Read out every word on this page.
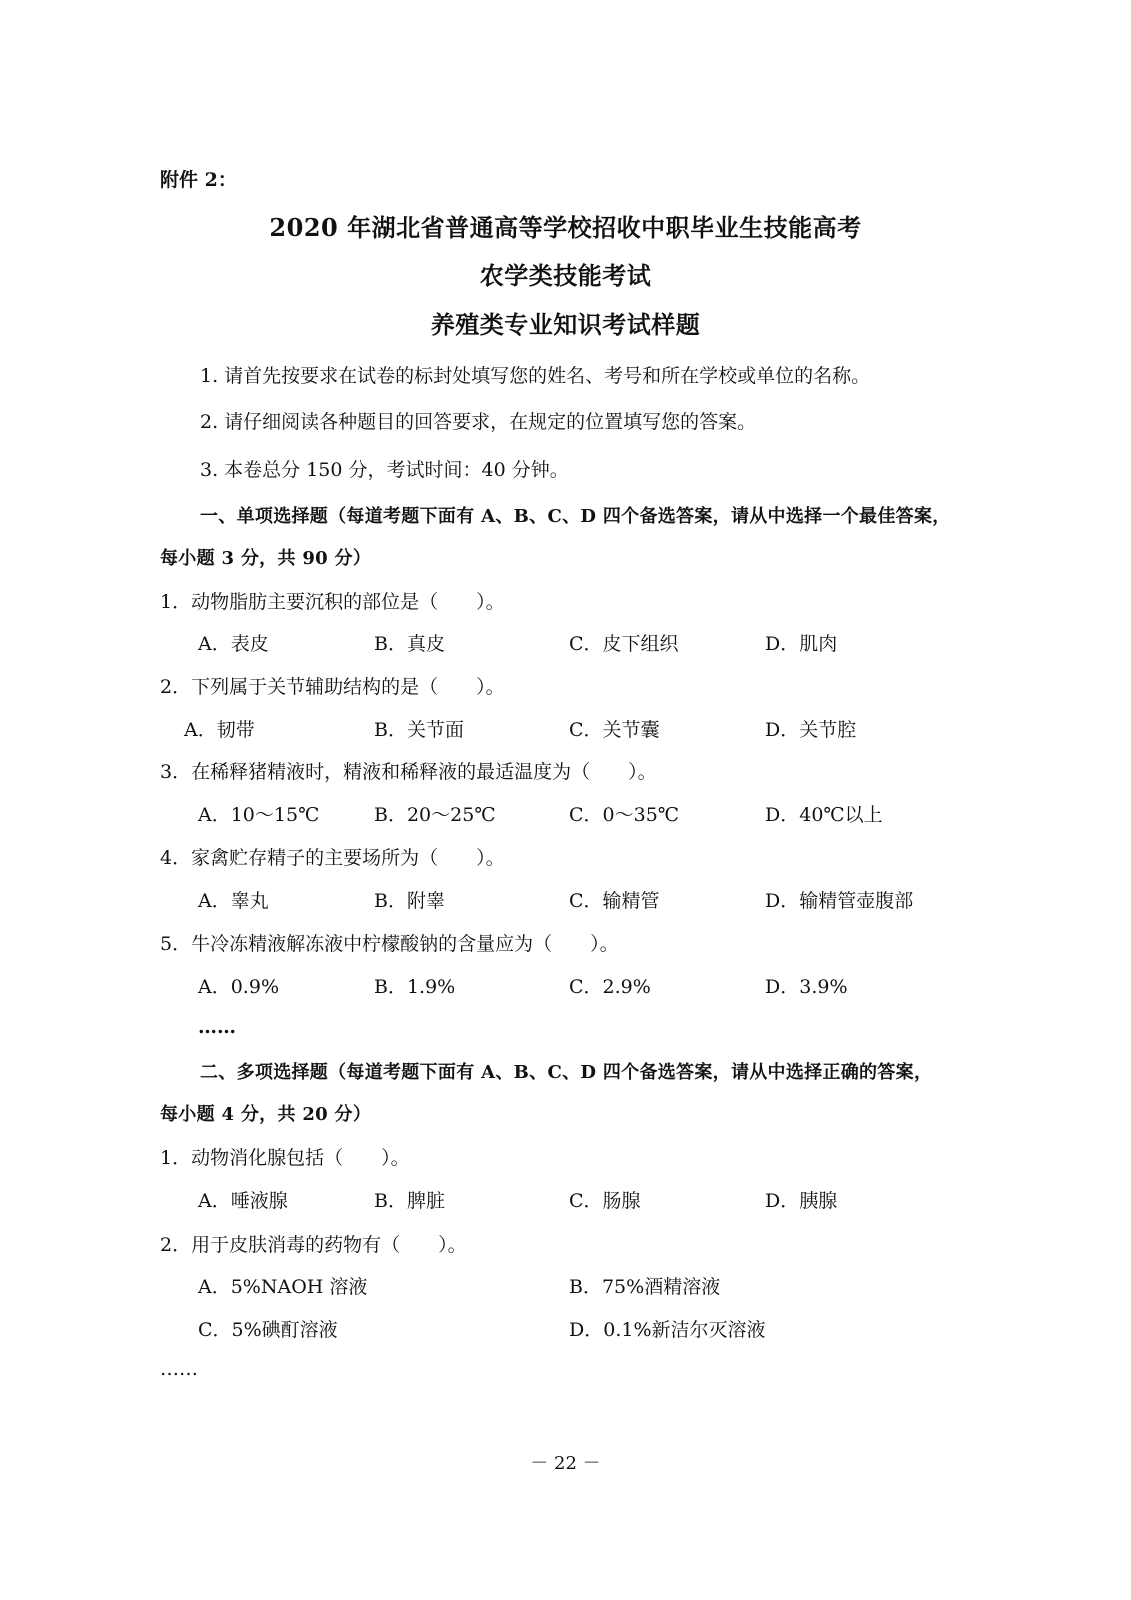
附件 2：
2020 年湖北省普通高等学校招收中职毕业生技能高考
农学类技能考试
养殖类专业知识考试样题
1. 请首先按要求在试卷的标封处填写您的姓名、考号和所在学校或单位的名称。
2. 请仔细阅读各种题目的回答要求，在规定的位置填写您的答案。
3. 本卷总分 150 分，考试时间：40 分钟。
一、单项选择题（每道考题下面有 A、B、C、D 四个备选答案，请从中选择一个最佳答案，
每小题 3 分，共 90 分）
1．动物脂肪主要沉积的部位是（　　）。
A．表皮	B．真皮	C．皮下组织	D．肌肉
2．下列属于关节辅助结构的是（　　）。
A．韧带	B．关节面	C．关节囊	D．关节腔
3．在稀释猪精液时，精液和稀释液的最适温度为（　　）。
A．10～15℃	B．20～25℃	C．0～35℃	D．40℃以上
4．家禽贮存精子的主要场所为（　　）。
A．睾丸	B．附睾	C．输精管	D．输精管壶腹部
5．牛冷冻精液解冻液中柠檬酸钠的含量应为（　　）。
A．0.9%	B．1.9%	C．2.9%	D．3.9%
……
二、多项选择题（每道考题下面有 A、B、C、D 四个备选答案，请从中选择正确的答案，
每小题 4 分，共 20 分）
1．动物消化腺包括（　　）。
A．唾液腺	B．脾脏	C．肠腺	D．胰腺
2．用于皮肤消毒的药物有（　　）。
A．5%NAOH 溶液	B．75%酒精溶液
C．5%碘酊溶液	D．0.1%新洁尔灭溶液
……
－ 22 －
